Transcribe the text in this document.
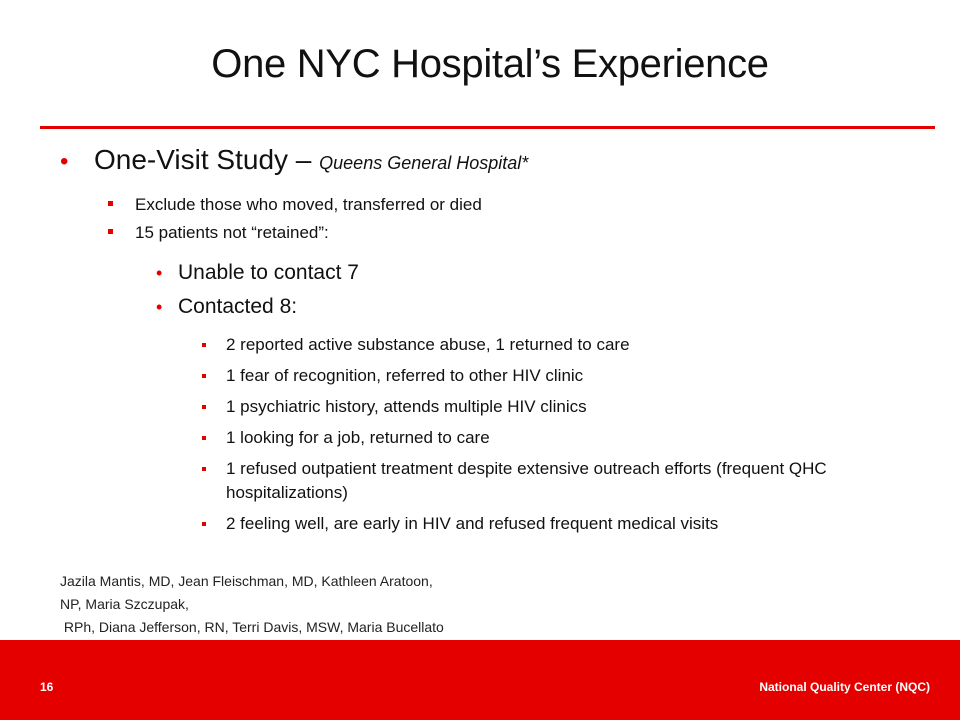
One NYC Hospital’s Experience
• One-Visit Study – Queens General Hospital*
Exclude those who moved, transferred or died
15 patients not “retained”:
• Unable to contact 7
• Contacted 8:
2 reported active substance abuse, 1 returned to care
1 fear of recognition, referred to other HIV clinic
1 psychiatric history, attends multiple HIV clinics
1 looking for a job, returned to care
1 refused outpatient treatment despite extensive outreach efforts (frequent QHC hospitalizations)
2 feeling well, are early in HIV and refused frequent medical visits
Jazila Mantis, MD, Jean Fleischman, MD, Kathleen Aratoon, NP, Maria Szczupak,
RPh, Diana Jefferson, RN, Terri Davis, MSW, Maria Bucellato
16	National Quality Center (NQC)
